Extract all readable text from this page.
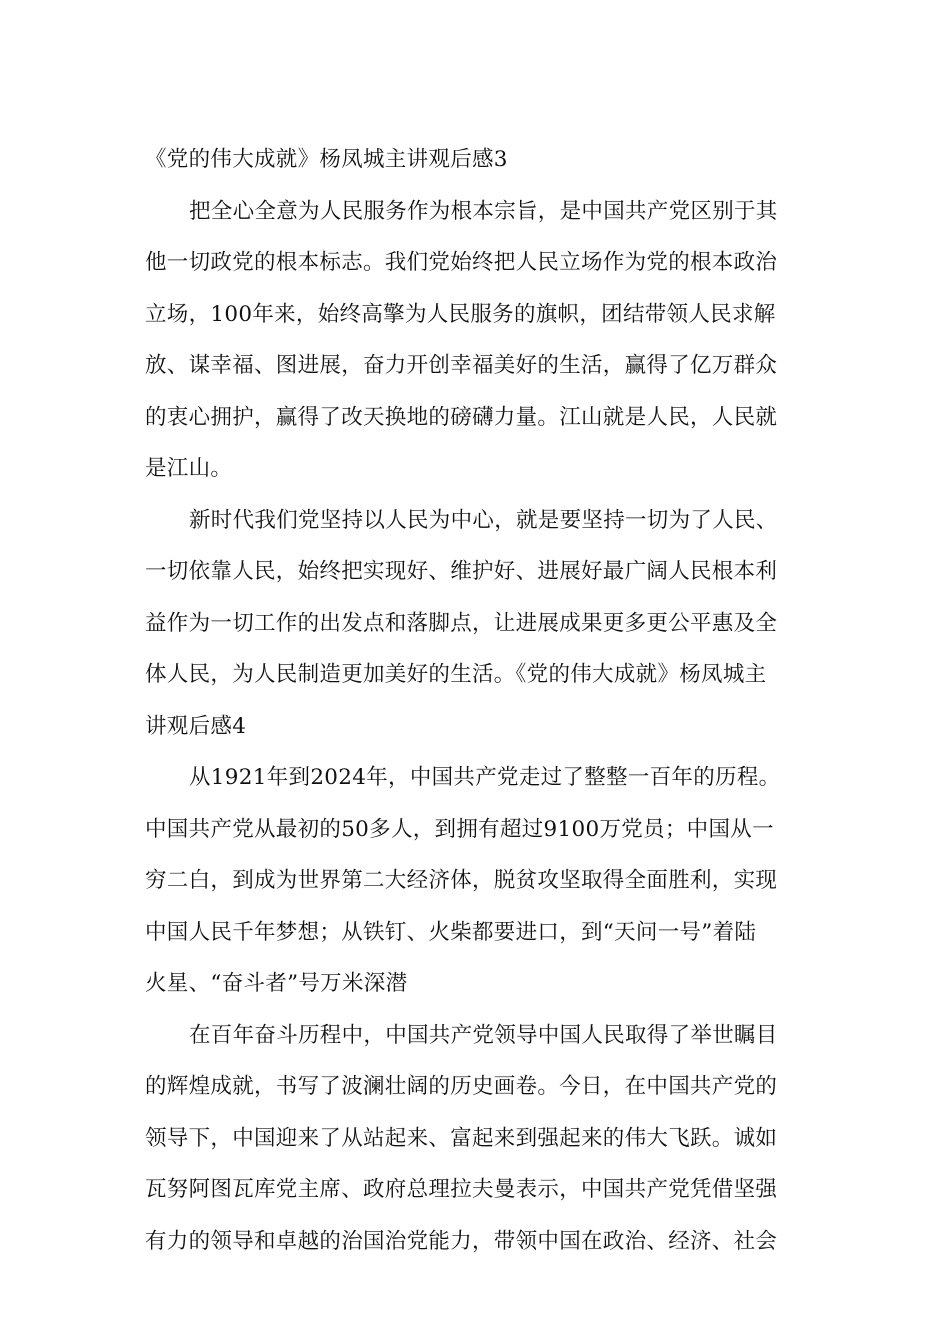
《党的伟大成就》杨凤城主讲观后感3
把全心全意为人民服务作为根本宗旨，是中国共产党区别于其
他一切政党的根本标志。我们党始终把人民立场作为党的根本政治
立场，100年来，始终高擎为人民服务的旗帜，团结带领人民求解
放、谋幸福、图进展，奋力开创幸福美好的生活，赢得了亿万群众
的衷心拥护，赢得了改天换地的磅礴力量。江山就是人民，人民就
是江山。
新时代我们党坚持以人民为中心，就是要坚持一切为了人民、
一切依靠人民，始终把实现好、维护好、进展好最广阔人民根本利
益作为一切工作的出发点和落脚点，让进展成果更多更公平惠及全
体人民，为人民制造更加美好的生活。《党的伟大成就》杨凤城主
讲观后感4
从1921年到2024年，中国共产党走过了整整一百年的历程。
中国共产党从最初的50多人，到拥有超过9100万党员；中国从一
穷二白，到成为世界第二大经济体，脱贫攻坚取得全面胜利，实现
中国人民千年梦想；从铁钉、火柴都要进口，到“天问一号”着陆
火星、“奋斗者”号万米深潜
在百年奋斗历程中，中国共产党领导中国人民取得了举世瞩目
的辉煌成就，书写了波澜壮阔的历史画卷。今日，在中国共产党的
领导下，中国迎来了从站起来、富起来到强起来的伟大飞跃。诚如
瓦努阿图瓦库党主席、政府总理拉夫曼表示，中国共产党凭借坚强
有力的领导和卓越的治国治党能力，带领中国在政治、经济、社会
